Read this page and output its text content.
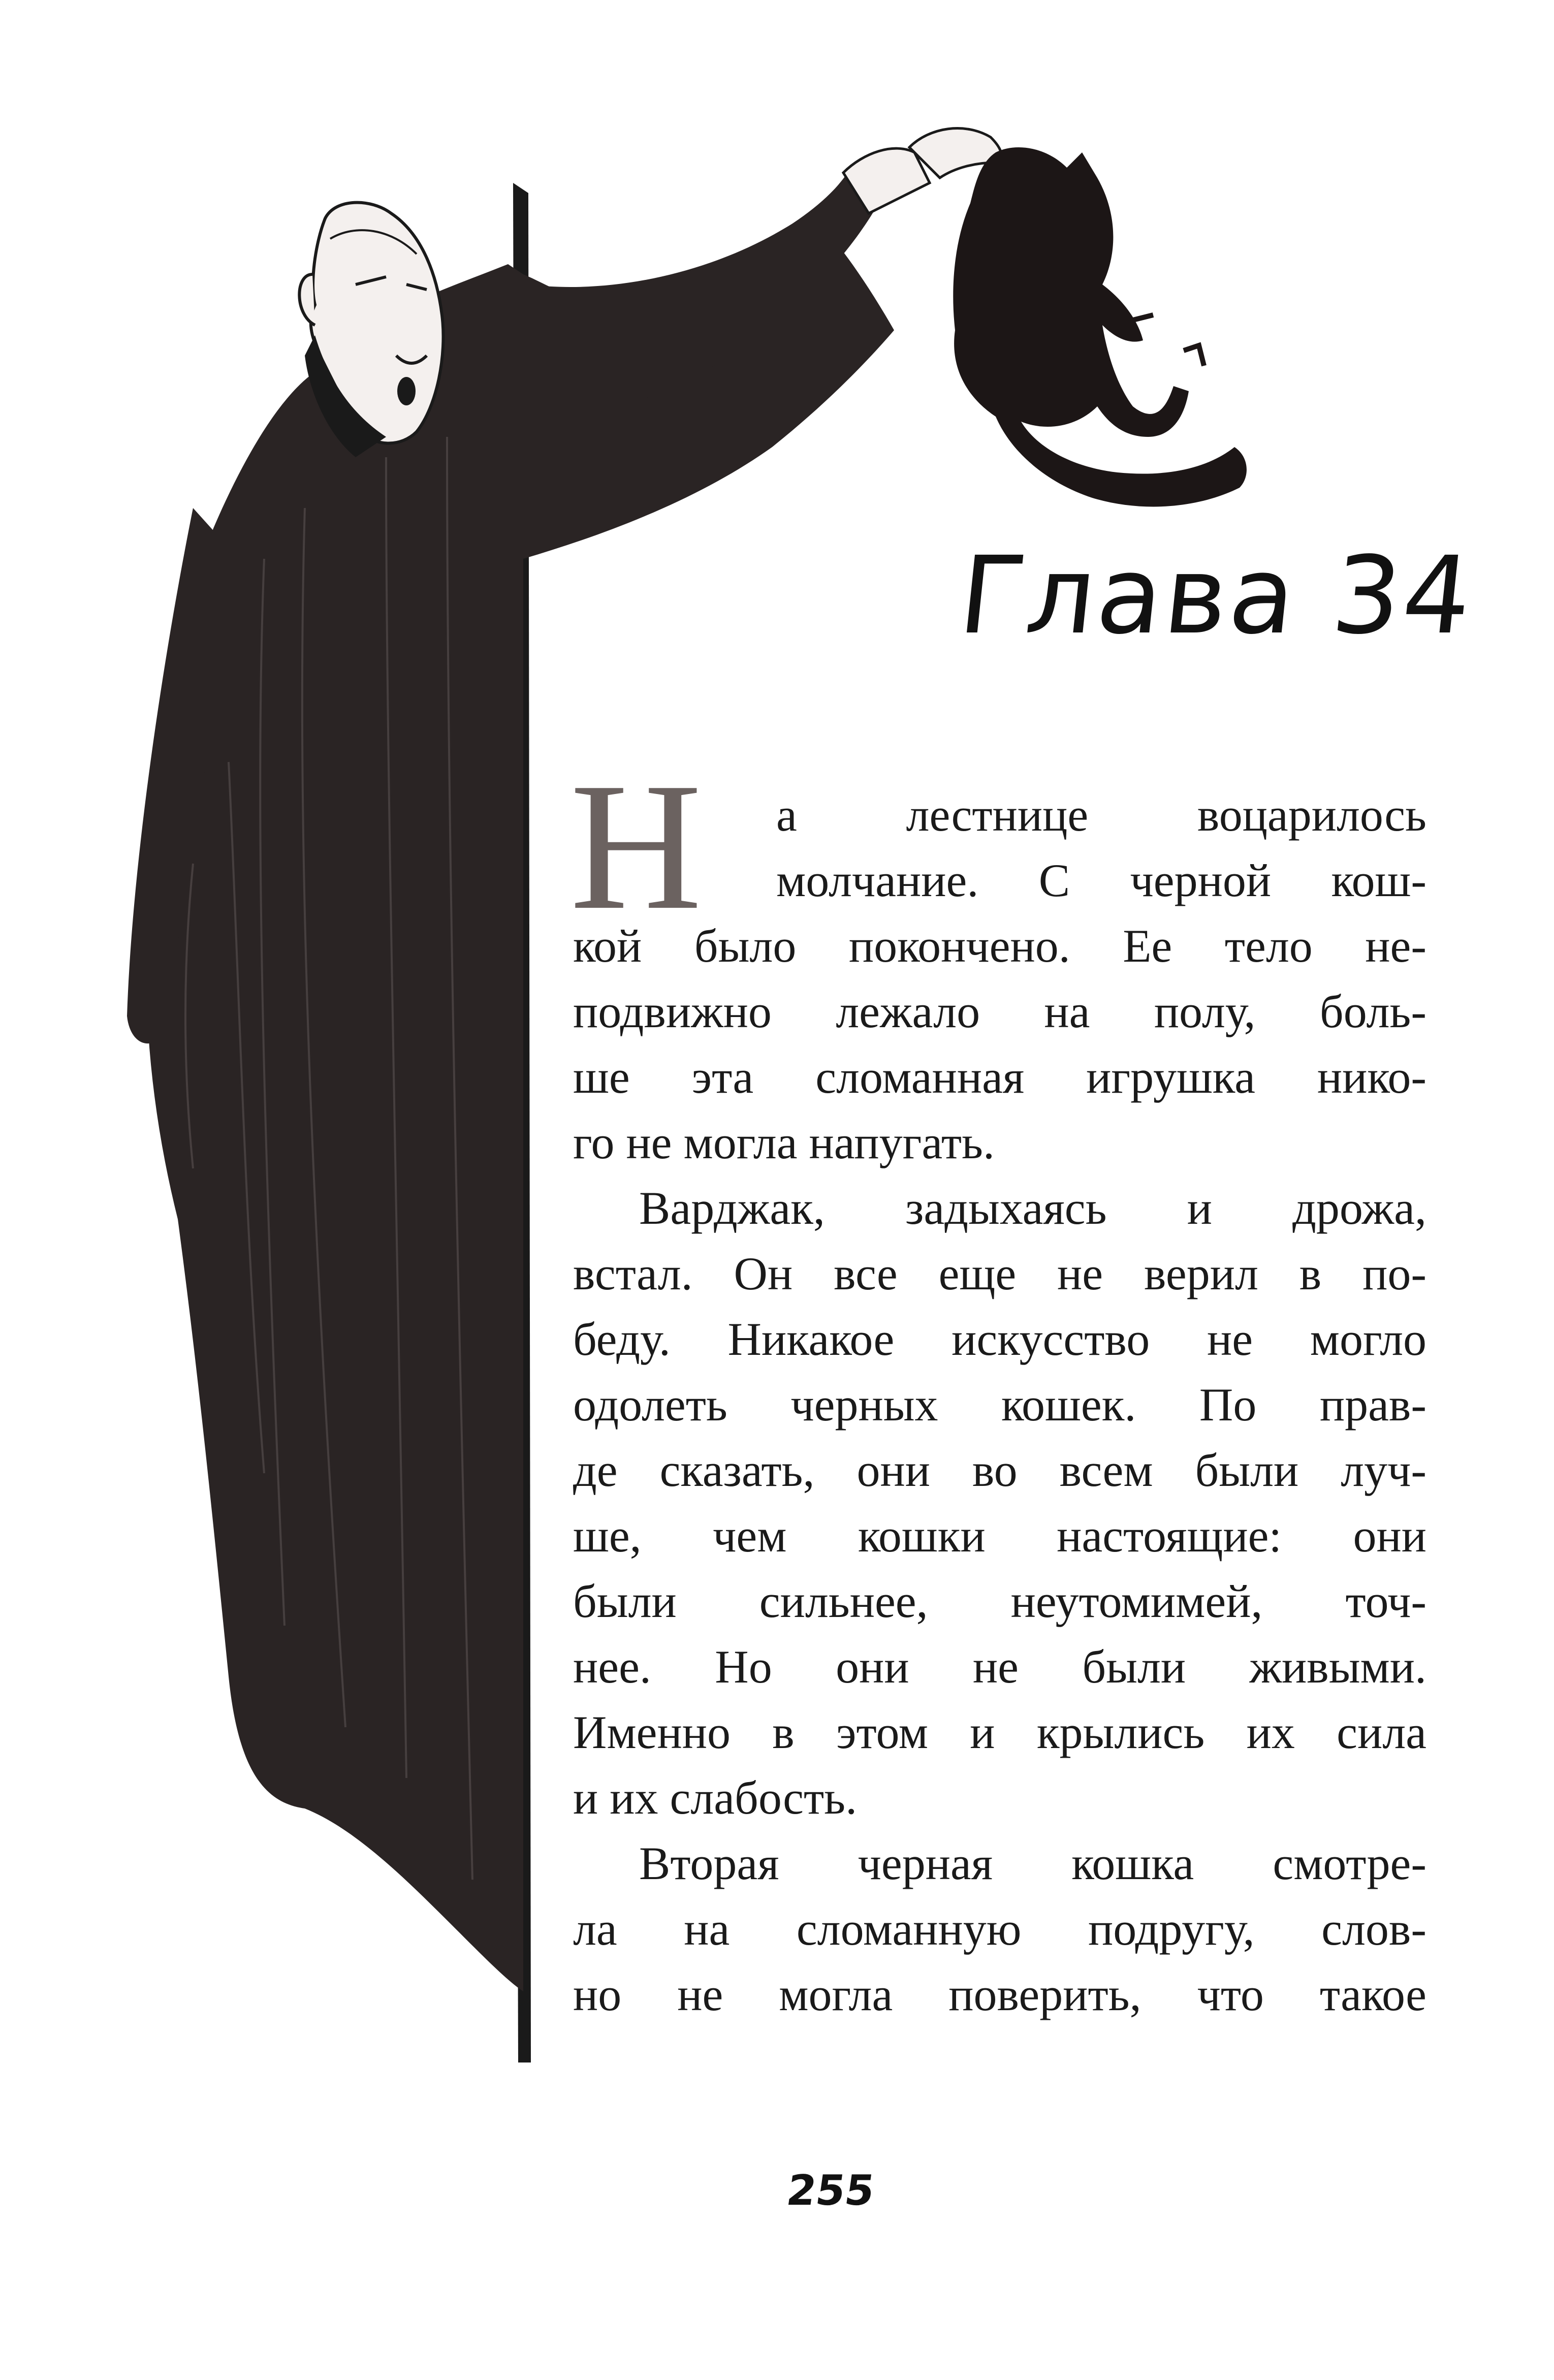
Глава 34
Н	а лестнице воцарилось
молчание. С черной кош-
кой было покончено. Ее тело не-
подвижно лежало на полу, боль-
ше эта сломанная игрушка нико-
го не могла напугать.
Варджак, задыхаясь и дрожа,
встал. Он все еще не верил в по-
беду. Никакое искусство не могло
одолеть черных кошек. По прав-
де сказать, они во всем были луч-
ше, чем кошки настоящие: они
были сильнее, неутомимей, точ-
нее. Но они не были живыми.
Именно в этом и крылись их сила
и их слабость.
Вторая черная кошка смотре-
ла на сломанную подругу, слов-
но не могла поверить, что такое
255
